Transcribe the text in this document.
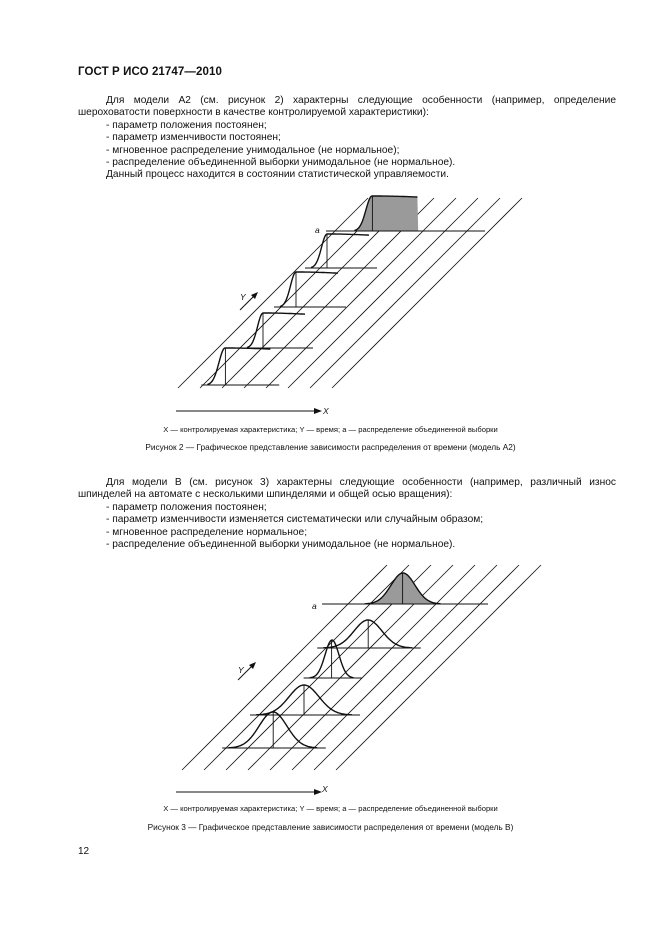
ГОСТ Р ИСО 21747—2010

Для модели A2 (см. рисунок 2) характерны следующие особенности (например, определение шероховатости поверхности в качестве контролируемой характеристики):

- параметр положения постоянен;

- параметр изменчивости постоянен;

- мгновенное распределение унимодальное (не нормальное);

- распределение объединенной выборки унимодальное (не нормальное).

Данный процесс находится в состоянии статистической управляемости.

Y
X
a
X — контролируемая характеристика; Y — время; a — распределение объединенной выборки
Рисунок 2 — Графическое представление зависимости распределения от времени (модель А2)

Для модели В (см. рисунок 3) характерны следующие особенности (например, различный износ шпинделей на автомате с несколькими шпинделями и общей осью вращения):

- параметр положения постоянен;

- параметр изменчивости изменяется систематически или случайным образом;

- мгновенное распределение нормальное;

- распределение объединенной выборки унимодальное (не нормальное).

Y
X
a
X — контролируемая характеристика; Y — время; a — распределение объединенной выборки
Рисунок 3 — Графическое представление зависимости распределения от времени (модель В)
12
